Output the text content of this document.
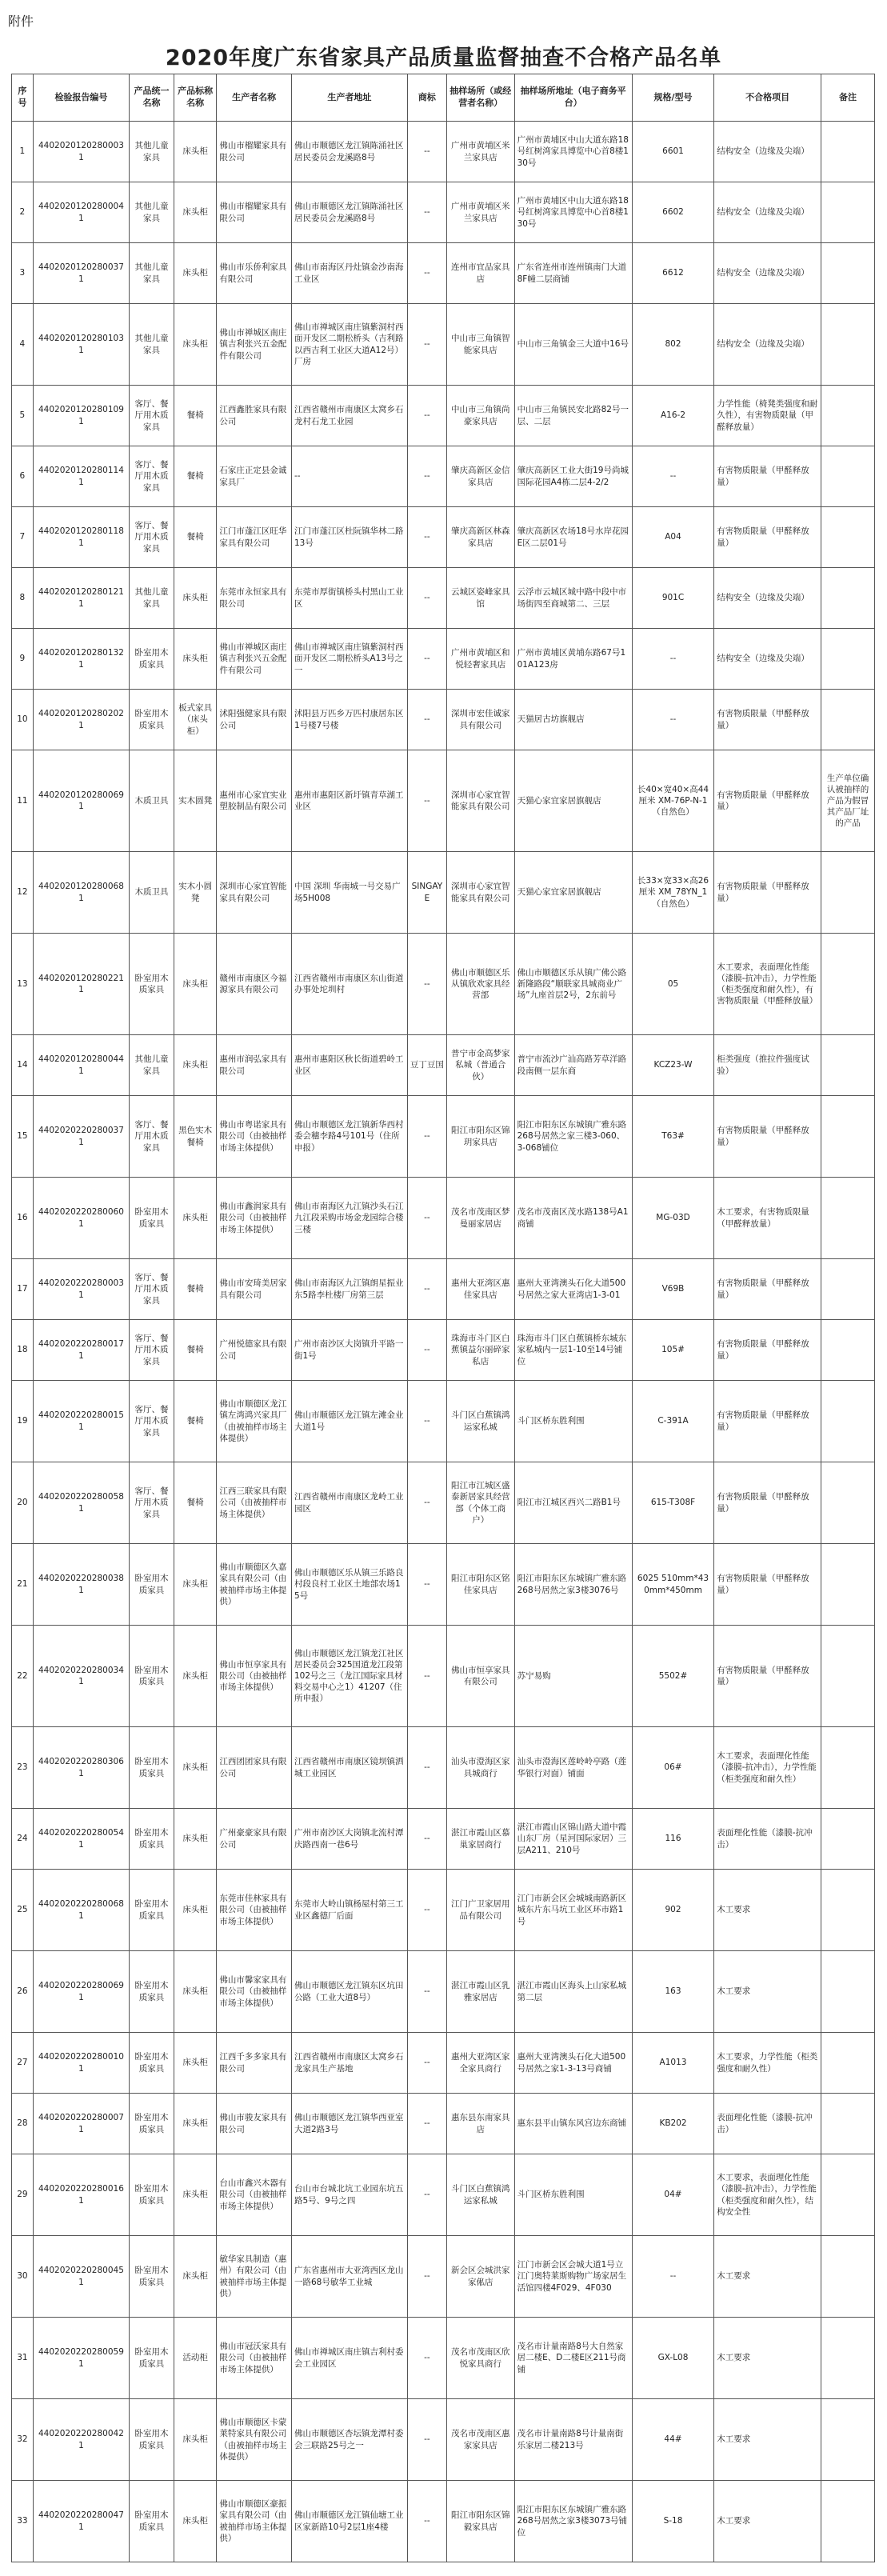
附件
2020年度广东省家具产品质量监督抽查不合格产品名单
序号	检验报告编号	产品统一名称	产品标称名称	生产者名称	生产者地址	商标	抽样场所（或经营者名称）	抽样场所地址（电子商务平台）	规格/型号	不合格项目	备注
1	44020201202800031	其他儿童家具	床头柜	佛山市榴耀家具有限公司	佛山市顺德区龙江镇陈涌社区居民委员会龙溪路8号	--	广州市黄埔区米兰家具店	广州市黄埔区中山大道东路18号红树湾家具博览中心首8楼130号	6601	结构安全（边缘及尖端）	
2	44020201202800041	其他儿童家具	床头柜	佛山市榴耀家具有限公司	佛山市顺德区龙江镇陈涌社区居民委员会龙溪路8号	--	广州市黄埔区米兰家具店	广州市黄埔区中山大道东路18号红树湾家具博览中心首8楼130号	6602	结构安全（边缘及尖端）	
3	44020201202800371	其他儿童家具	床头柜	佛山市乐侨利家具有限公司	佛山市南海区丹灶镇金沙南海工业区	--	连州市宜品家具店	广东省连州市连州镇南门大道8F幢二层商铺	6612	结构安全（边缘及尖端）	
4	44020201202801031	其他儿童家具	床头柜	佛山市禅城区南庄镇吉利张兴五金配件有限公司	佛山市禅城区南庄镇紫洞村西面开发区二期松桥头（吉利路以西吉利工业区大道A12号）厂房	--	中山市三角镇智能家具店	中山市三角镇金三大道中16号	802	结构安全（边缘及尖端）	
5	44020201202801091	客厅、餐厅用木质家具	餐椅	江西鑫胜家具有限公司	江西省赣州市南康区太窝乡石龙村石龙工业园	--	中山市三角镇尚豪家具店	中山市三角镇民安北路82号一层、二层	A16-2	力学性能（椅凳类强度和耐久性），有害物质限量（甲醛释放量）	
6	44020201202801141	客厅、餐厅用木质家具	餐椅	石家庄正定县金诚家具厂	--	--	肇庆高新区金信家具店	肇庆高新区工业大街19号尚城国际花园A4栋二层4-2/2	--	有害物质限量（甲醛释放量）	
7	44020201202801181	客厅、餐厅用木质家具	餐椅	江门市蓬江区旺华家具有限公司	江门市蓬江区杜阮镇华林二路13号	--	肇庆高新区林森家具店	肇庆高新区农场18号水岸花园E区二层01号	A04	有害物质限量（甲醛释放量）	
8	44020201202801211	其他儿童家具	床头柜	东莞市永恒家具有限公司	东莞市厚街镇桥头村黑山工业区	--	云城区姿峰家具馆	云浮市云城区城中路中段中市场街四至商城第二、三层	901C	结构安全（边缘及尖端）	
9	44020201202801321	卧室用木质家具	床头柜	佛山市禅城区南庄镇吉利张兴五金配件有限公司	佛山市禅城区南庄镇紫洞村西面开发区二期松桥头A13号之一	--	广州市黄埔区和悦轻奢家具店	广州市黄埔区黄埔东路67号101A123房	--	结构安全（边缘及尖端）	
10	44020201202802021	卧室用木质家具	板式家具（床头柜）	沭阳强健家具有限公司	沭阳县万匹乡万匹村康居东区1号楼7号楼	--	深圳市宏佳诚家具有限公司	天猫居古坊旗舰店	--	有害物质限量（甲醛释放量）	
11	44020201202800691	木质卫具	实木圆凳	惠州市心家宜实业塑胶制品有限公司	惠州市惠阳区新圩镇青草湖工业区	--	深圳市心家宜智能家具有限公司	天猫心家宜家居旗舰店	长40×宽40×高44厘米 XM-76P-N-1（自然色）	有害物质限量（甲醛释放量）	生产单位确认被抽样的产品为假冒其产品厂址的产品
12	44020201202800681	木质卫具	实木小圆凳	深圳市心家宜智能家具有限公司	中国 深圳 华南城一号交易广场5H008	SINGAYE	深圳市心家宜智能家具有限公司	天猫心家宜家居旗舰店	长33×宽33×高26厘米 XM_78YN_1（自然色）	有害物质限量（甲醛释放量）	
13	44020201202802211	卧室用木质家具	床头柜	赣州市南康区今福源家具有限公司	江西省赣州市南康区东山街道办事处坨圳村	--	佛山市顺德区乐从镇欣欢家具经营部	佛山市顺德区乐从镇广佛公路新隆路段“顺联家具城商业广场”九座首层2号，2东前号	05	木工要求，表面理化性能（漆膜-抗冲击），力学性能（柜类强度和耐久性），有害物质限量（甲醛释放量）	
14	44020201202800441	其他儿童家具	床头柜	惠州市润弘家具有限公司	惠州市惠阳区秋长街道碧岭工业区	豆丁豆国	普宁市金高梦家私城（普通合伙）	普宁市流沙广汕高路芳草洋路段南侧一层东商	KCZ23-W	柜类强度（推拉件强度试验）	
15	44020202202800371	客厅、餐厅用木质家具	黑色实木餐椅	佛山市粤诺家具有限公司（由被抽样市场主体提供）	佛山市顺德区龙江镇新华西村委会穗李路4号101号（住所申报）	--	阳江市阳东区锦玥家具店	阳江市阳东区东城镇广雅东路268号居然之家三楼3-060、3-068铺位	T63#	有害物质限量（甲醛释放量）	
16	44020202202800601	卧室用木质家具	床头柜	佛山市鑫润家具有限公司（由被抽样市场主体提供）	佛山市南海区九江镇沙头石江九江段采购市场金龙园综合楼三楼	--	茂名市茂南区梦曼丽家居店	茂名市茂南区茂水路138号A1商铺	MG-03D	木工要求，有害物质限量（甲醛释放量）	
17	44020202202800031	客厅、餐厅用木质家具	餐椅	佛山市安琦美居家具有限公司	佛山市南海区九江镇朗星振业东5路李杜楼厂房第三层	--	惠州大亚湾区惠佳家具店	惠州大亚湾澳头石化大道500号居然之家大亚湾店1-3-01	V69B	有害物质限量（甲醛释放量）	
18	44020202202800171	客厅、餐厅用木质家具	餐椅	广州悦德家具有限公司	广州市南沙区大岗镇升平路一街1号	--	珠海市斗门区白蕉镇益尔丽碎家私店	珠海市斗门区白蕉镇桥东城东家私城内一层1-10至14号铺位	105#	有害物质限量（甲醛释放量）	
19	44020202202800151	客厅、餐厅用木质家具	餐椅	佛山市顺德区龙江镇左湾鸿兴家具厂（由被抽样市场主体提供）	佛山市顺德区龙江镇左滩金业大道1号	--	斗门区白蕉镇鸿运家私城	斗门区桥东胜利围	C-391A	有害物质限量（甲醛释放量）	
20	44020202202800581	客厅、餐厅用木质家具	餐椅	江西三联家具有限公司（由被抽样市场主体提供）	江西省赣州市南康区龙岭工业园区	--	阳江市江城区盛泰新居家具经营部（个体工商户）	阳江市江城区西兴二路B1号	615-T308F	有害物质限量（甲醛释放量）	
21	44020202202800381	卧室用木质家具	床头柜	佛山市顺德区久嘉家具有限公司（由被抽样市场主体提供）	佛山市顺德区乐从镇三乐路良村段良村工业区土地部农场15号	--	阳江市阳东区铭佳家具店	阳江市阳东区东城镇广雅东路268号居然之家3楼3076号	6025 510mm*430mm*450mm	有害物质限量（甲醛释放量）	
22	44020202202800341	卧室用木质家具	床头柜	佛山市恒享家具有限公司（由被抽样市场主体提供）	佛山市顺德区龙江镇龙江社区居民委员会325国道龙江段第102号之三（龙江国际家具材料交易中心之1）41207（住所申报）	--	佛山市恒享家具有限公司	苏宁易购	5502#	有害物质限量（甲醛释放量）	
23	44020202202803061	卧室用木质家具	床头柜	江西团团家具有限公司	江西省赣州市南康区镜坝镇洒城工业园区	--	汕头市澄海区家具城商行	汕头市澄海区莲岭岭亭路（莲华银行对面）铺面	06#	木工要求，表面理化性能（漆膜-抗冲击），力学性能（柜类强度和耐久性）	
24	44020202202800541	卧室用木质家具	床头柜	广州豪豪家具有限公司	广州市南沙区大岗镇北流村潭庆路西南一巷6号	--	湛江市霞山区慕巢家居商行	湛江市霞山区锦山路大道中霞山东厂房（星河国际家居）三层A211、210号	116	表面理化性能（漆膜-抗冲击）	
25	44020202202800681	卧室用木质家具	床头柜	东莞市佳林家具有限公司（由被抽样市场主体提供）	东莞市大岭山镇杨屋村第三工业区鑫德厂后面	--	江门广卫家居用品有限公司	江门市新会区会城城南路新区城东片东马坑工业区环市路1号	902	木工要求	
26	44020202202800691	卧室用木质家具	床头柜	佛山市馨家家具有限公司（由被抽样市场主体提供）	佛山市顺德区龙江镇东区坑田公路（工业大道8号）	--	湛江市霞山区乳雅家居店	湛江市霞山区海头上山家私城第二层	163	木工要求	
27	44020202202800101	卧室用木质家具	床头柜	江西千多多家具有限公司	江西省赣州市南康区太窝乡石龙家具生产基地	--	惠州大亚湾区家全家具商行	惠州大亚湾澳头石化大道500号居然之家1-3-13号商铺	A1013	木工要求，力学性能（柜类强度和耐久性）	
28	44020202202800071	卧室用木质家具	床头柜	佛山市骏友家具有限公司	佛山市顺德区龙江镇华西亚室大道2路3号	--	惠东县东南家具店	惠东县平山镇东风宫边东商铺	KB202	表面理化性能（漆膜-抗冲击）	
29	44020202202800161	卧室用木质家具	床头柜	台山市鑫兴木器有限公司（由被抽样市场主体提供）	台山市台城北坑工业园东坑五路5号、9号之四	--	斗门区白蕉镇鸿运家私城	斗门区桥东胜利围	04#	木工要求，表面理化性能（漆膜-抗冲击），力学性能（柜类强度和耐久性），结构安全性	
30	44020202202800451	卧室用木质家具	床头柜	敏华家具制造（惠州）有限公司（由被抽样市场主体提供）	广东省惠州市大亚湾西区龙山一路68号敏华工业城	--	新会区会城洪家家俬店	江门市新会区会城大道1号立江门奥特莱斯购物广场家居生活馆四楼4F029、4F030	--	木工要求	
31	44020202202800591	卧室用木质家具	活动柜	佛山市冠沃家具有限公司（由被抽样市场主体提供）	佛山市禅城区南庄镇吉利村委会工业园区	--	茂名市茂南区欣悦家具商行	茂名市计量南路8号大自然家居二楼E、D二楼E区211号商铺	GX-L08	木工要求	
32	44020202202800421	卧室用木质家具	床头柜	佛山市顺德区卡蒙莱特家具有限公司（由被抽样市场主体提供）	佛山市顺德区杏坛镇龙潭村委会三联路25号之一	--	茂名市茂南区惠家家具店	茂名市计量南路8号计量南街乐家居二楼213号	44#	木工要求	
33	44020202202800471	卧室用木质家具	床头柜	佛山市顺德区豪振家具有限公司（由被抽样市场主体提供）	佛山市顺德区龙江镇仙塘工业区家新路10号2层1座4楼	--	阳江市阳东区锦毅家具店	阳江市阳东区东城镇广雅东路268号居然之家3楼3073号铺位	S-18	木工要求	
